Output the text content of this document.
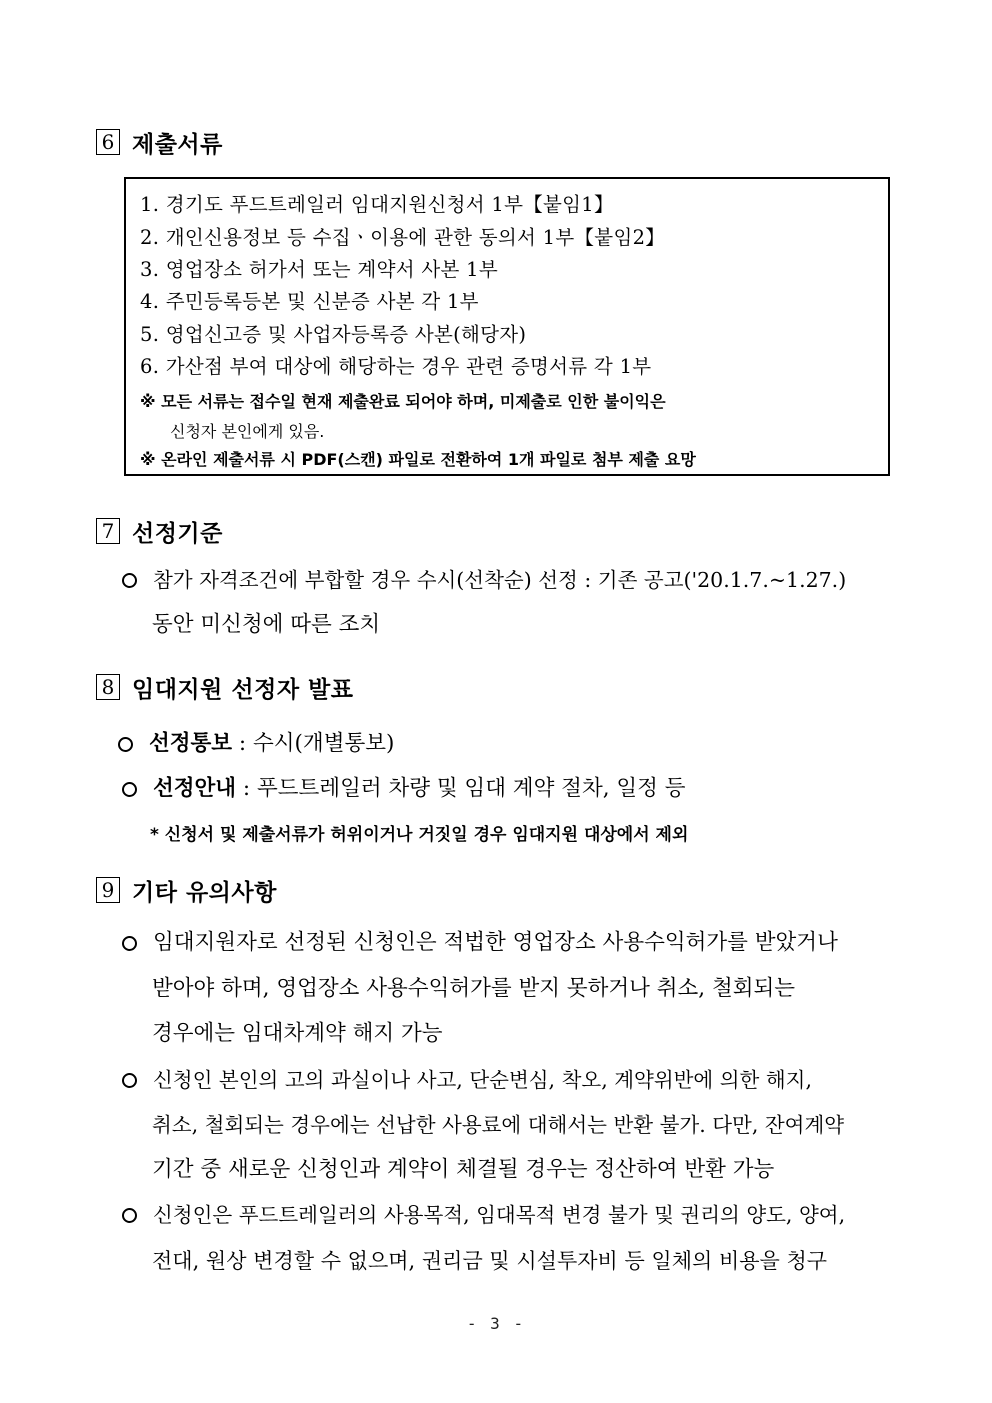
6 제출서류
1. 경기도 푸드트레일러 임대지원신청서 1부【붙임1】
2. 개인신용정보 등 수집ㆍ이용에 관한 동의서 1부【붙임2】
3. 영업장소 허가서 또는 계약서 사본 1부
4. 주민등록등본 및 신분증 사본 각 1부
5. 영업신고증 및 사업자등록증 사본(해당자)
6. 가산점 부여 대상에 해당하는 경우 관련 증명서류 각 1부
※ 모든 서류는 접수일 현재 제출완료 되어야 하며, 미제출로 인한 불이익은
신청자 본인에게 있음.
※ 온라인 제출서류 시 PDF(스캔) 파일로 전환하여 1개 파일로 첨부 제출 요망
7 선정기준
참가 자격조건에 부합할 경우 수시(선착순) 선정 : 기존 공고('20.1.7.~1.27.)
동안 미신청에 따른 조치
8 임대지원 선정자 발표
선정통보 : 수시(개별통보)
선정안내 : 푸드트레일러 차량 및 임대 계약 절차, 일정 등
* 신청서 및 제출서류가 허위이거나 거짓일 경우 임대지원 대상에서 제외
9 기타 유의사항
임대지원자로 선정된 신청인은 적법한 영업장소 사용수익허가를 받았거나
받아야 하며, 영업장소 사용수익허가를 받지 못하거나 취소, 철회되는
경우에는 임대차계약 해지 가능
신청인 본인의 고의 과실이나 사고, 단순변심, 착오, 계약위반에 의한 해지,
취소, 철회되는 경우에는 선납한 사용료에 대해서는 반환 불가. 다만, 잔여계약
기간 중 새로운 신청인과 계약이 체결될 경우는 정산하여 반환 가능
신청인은 푸드트레일러의 사용목적, 임대목적 변경 불가 및 권리의 양도, 양여,
전대, 원상 변경할 수 없으며, 권리금 및 시설투자비 등 일체의 비용을 청구
- 3 -
